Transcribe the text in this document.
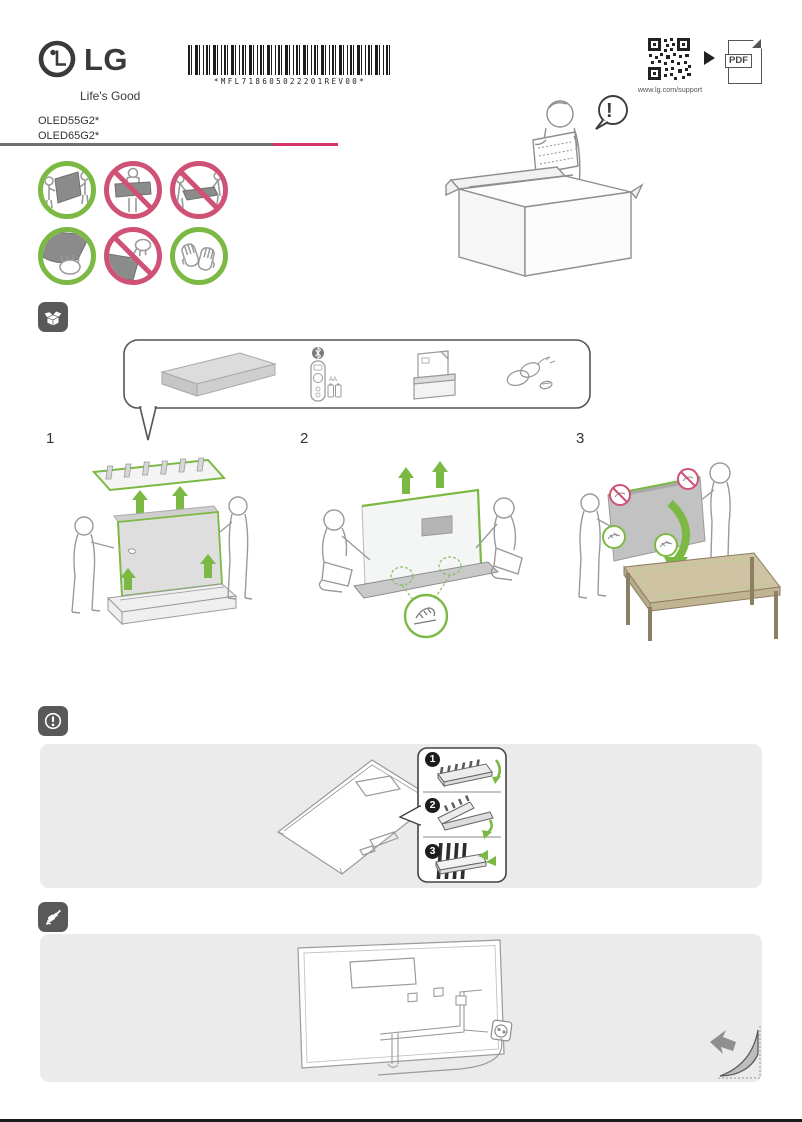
LG
Life's Good
*MFL718605022201REV00*
www.lg.com/support
PDF
OLED55G2*
OLED65G2*
!
AA
1	2	3
1
2
3
